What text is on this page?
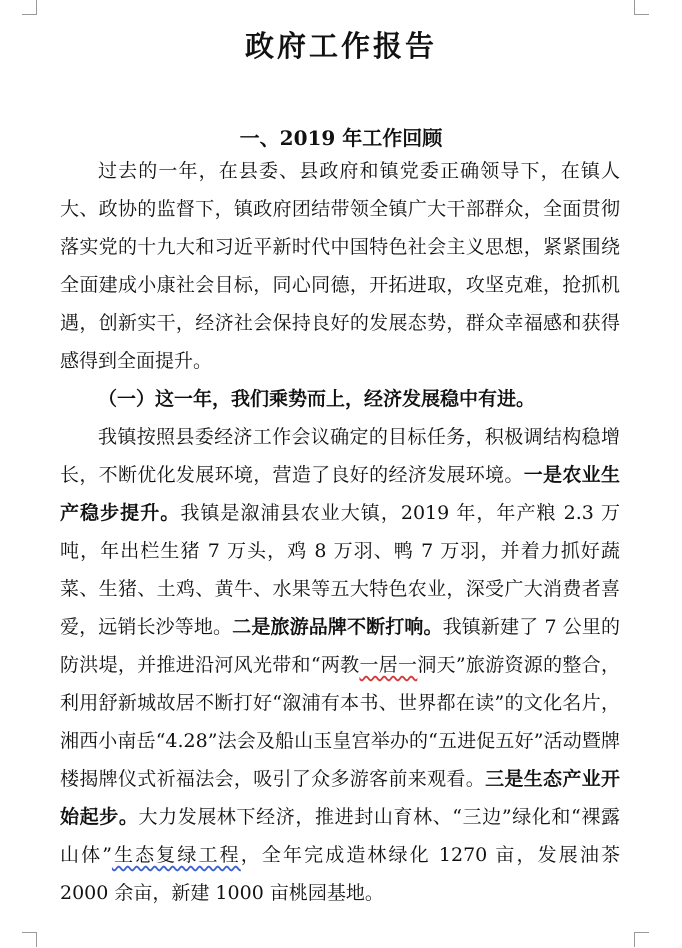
政府工作报告
一、2019 年工作回顾

过去的一年，在县委、县政府和镇党委正确领导下，在镇人大、政协的监督下，镇政府团结带领全镇广大干部群众，全面贯彻落实党的十九大和习近平新时代中国特色社会主义思想，紧紧围绕全面建成小康社会目标，同心同德，开拓进取，攻坚克难，抢抓机遇，创新实干，经济社会保持良好的发展态势，群众幸福感和获得感得到全面提升。

（一）这一年，我们乘势而上，经济发展稳中有进。

我镇按照县委经济工作会议确定的目标任务，积极调结构稳增长，不断优化发展环境，营造了良好的经济发展环境。一是农业生产稳步提升。我镇是溆浦县农业大镇，2019 年，年产粮 2.3 万吨，年出栏生猪 7 万头，鸡 8 万羽、鸭 7 万羽，并着力抓好蔬菜、生猪、土鸡、黄牛、水果等五大特色农业，深受广大消费者喜爱，远销长沙等地。二是旅游品牌不断打响。我镇新建了 7 公里的防洪堤，并推进沿河风光带和“两教一居一洞天”旅游资源的整合，利用舒新城故居不断打好“溆浦有本书、世界都在读”的文化名片，湘西小南岳“4.28”法会及船山玉皇宫举办的“五进促五好”活动暨牌楼揭牌仪式祈福法会，吸引了众多游客前来观看。三是生态产业开始起步。大力发展林下经济，推进封山育林、“三边”绿化和“裸露山体”生态复绿工程，全年完成造林绿化 1270 亩，发展油茶 2000 余亩，新建 1000 亩桃园基地。
